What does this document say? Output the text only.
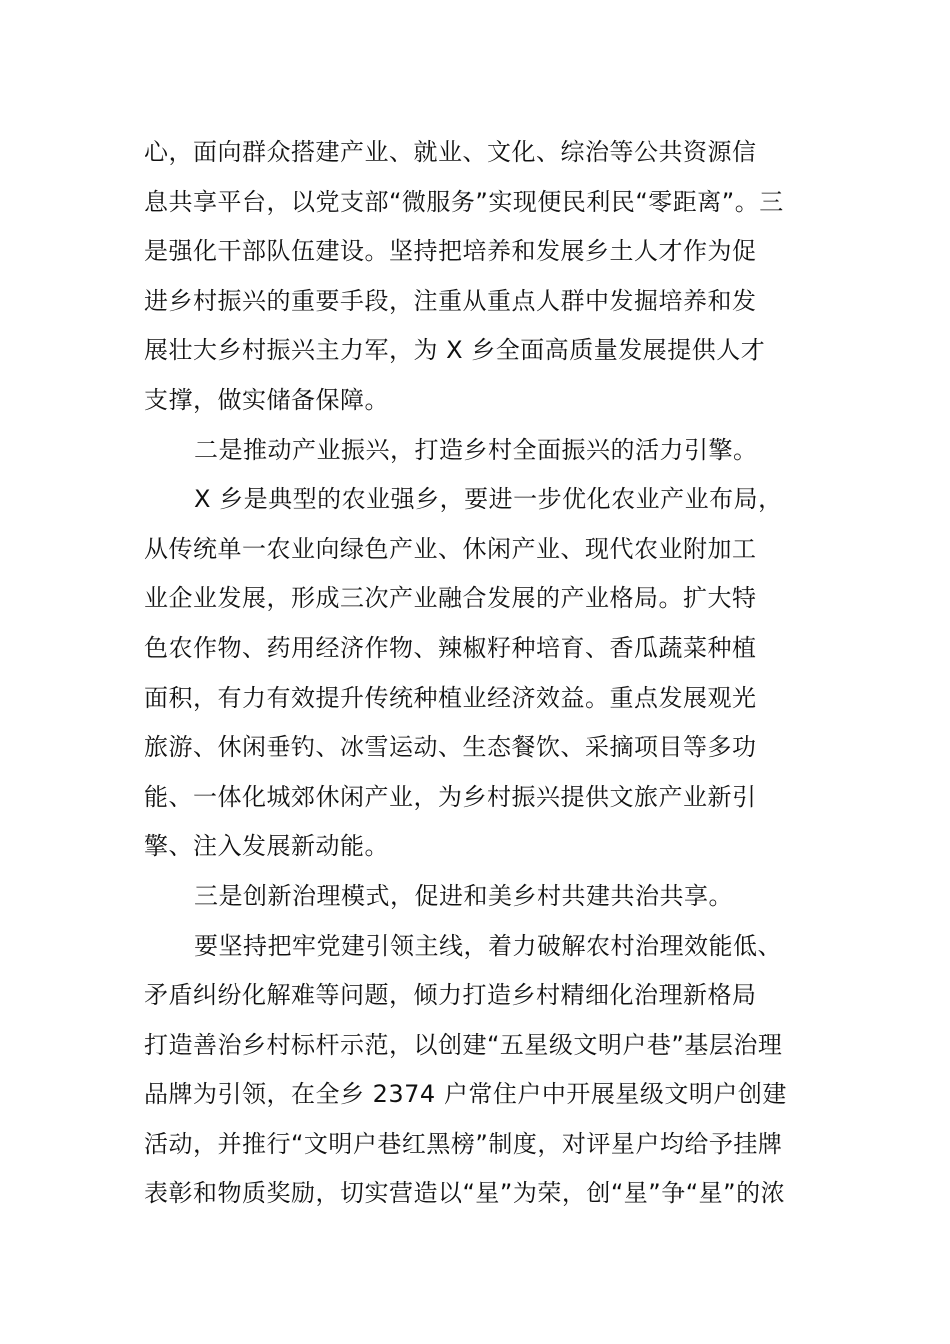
心，面向群众搭建产业、就业、文化、综治等公共资源信
息共享平台，以党支部“微服务”实现便民利民“零距离”。三
是强化干部队伍建设。坚持把培养和发展乡土人才作为促
进乡村振兴的重要手段，注重从重点人群中发掘培养和发
展壮大乡村振兴主力军，为 X 乡全面高质量发展提供人才
支撑，做实储备保障。
二是推动产业振兴，打造乡村全面振兴的活力引擎。
X 乡是典型的农业强乡，要进一步优化农业产业布局，
从传统单一农业向绿色产业、休闲产业、现代农业附加工
业企业发展，形成三次产业融合发展的产业格局。扩大特
色农作物、药用经济作物、辣椒籽种培育、香瓜蔬菜种植
面积，有力有效提升传统种植业经济效益。重点发展观光
旅游、休闲垂钓、冰雪运动、生态餐饮、采摘项目等多功
能、一体化城郊休闲产业，为乡村振兴提供文旅产业新引
擎、注入发展新动能。
三是创新治理模式，促进和美乡村共建共治共享。
要坚持把牢党建引领主线，着力破解农村治理效能低、
矛盾纠纷化解难等问题，倾力打造乡村精细化治理新格局
打造善治乡村标杆示范，以创建“五星级文明户巷”基层治理
品牌为引领，在全乡 2374 户常住户中开展星级文明户创建
活动，并推行“文明户巷红黑榜”制度，对评星户均给予挂牌
表彰和物质奖励，切实营造以“星”为荣，创“星”争“星”的浓
